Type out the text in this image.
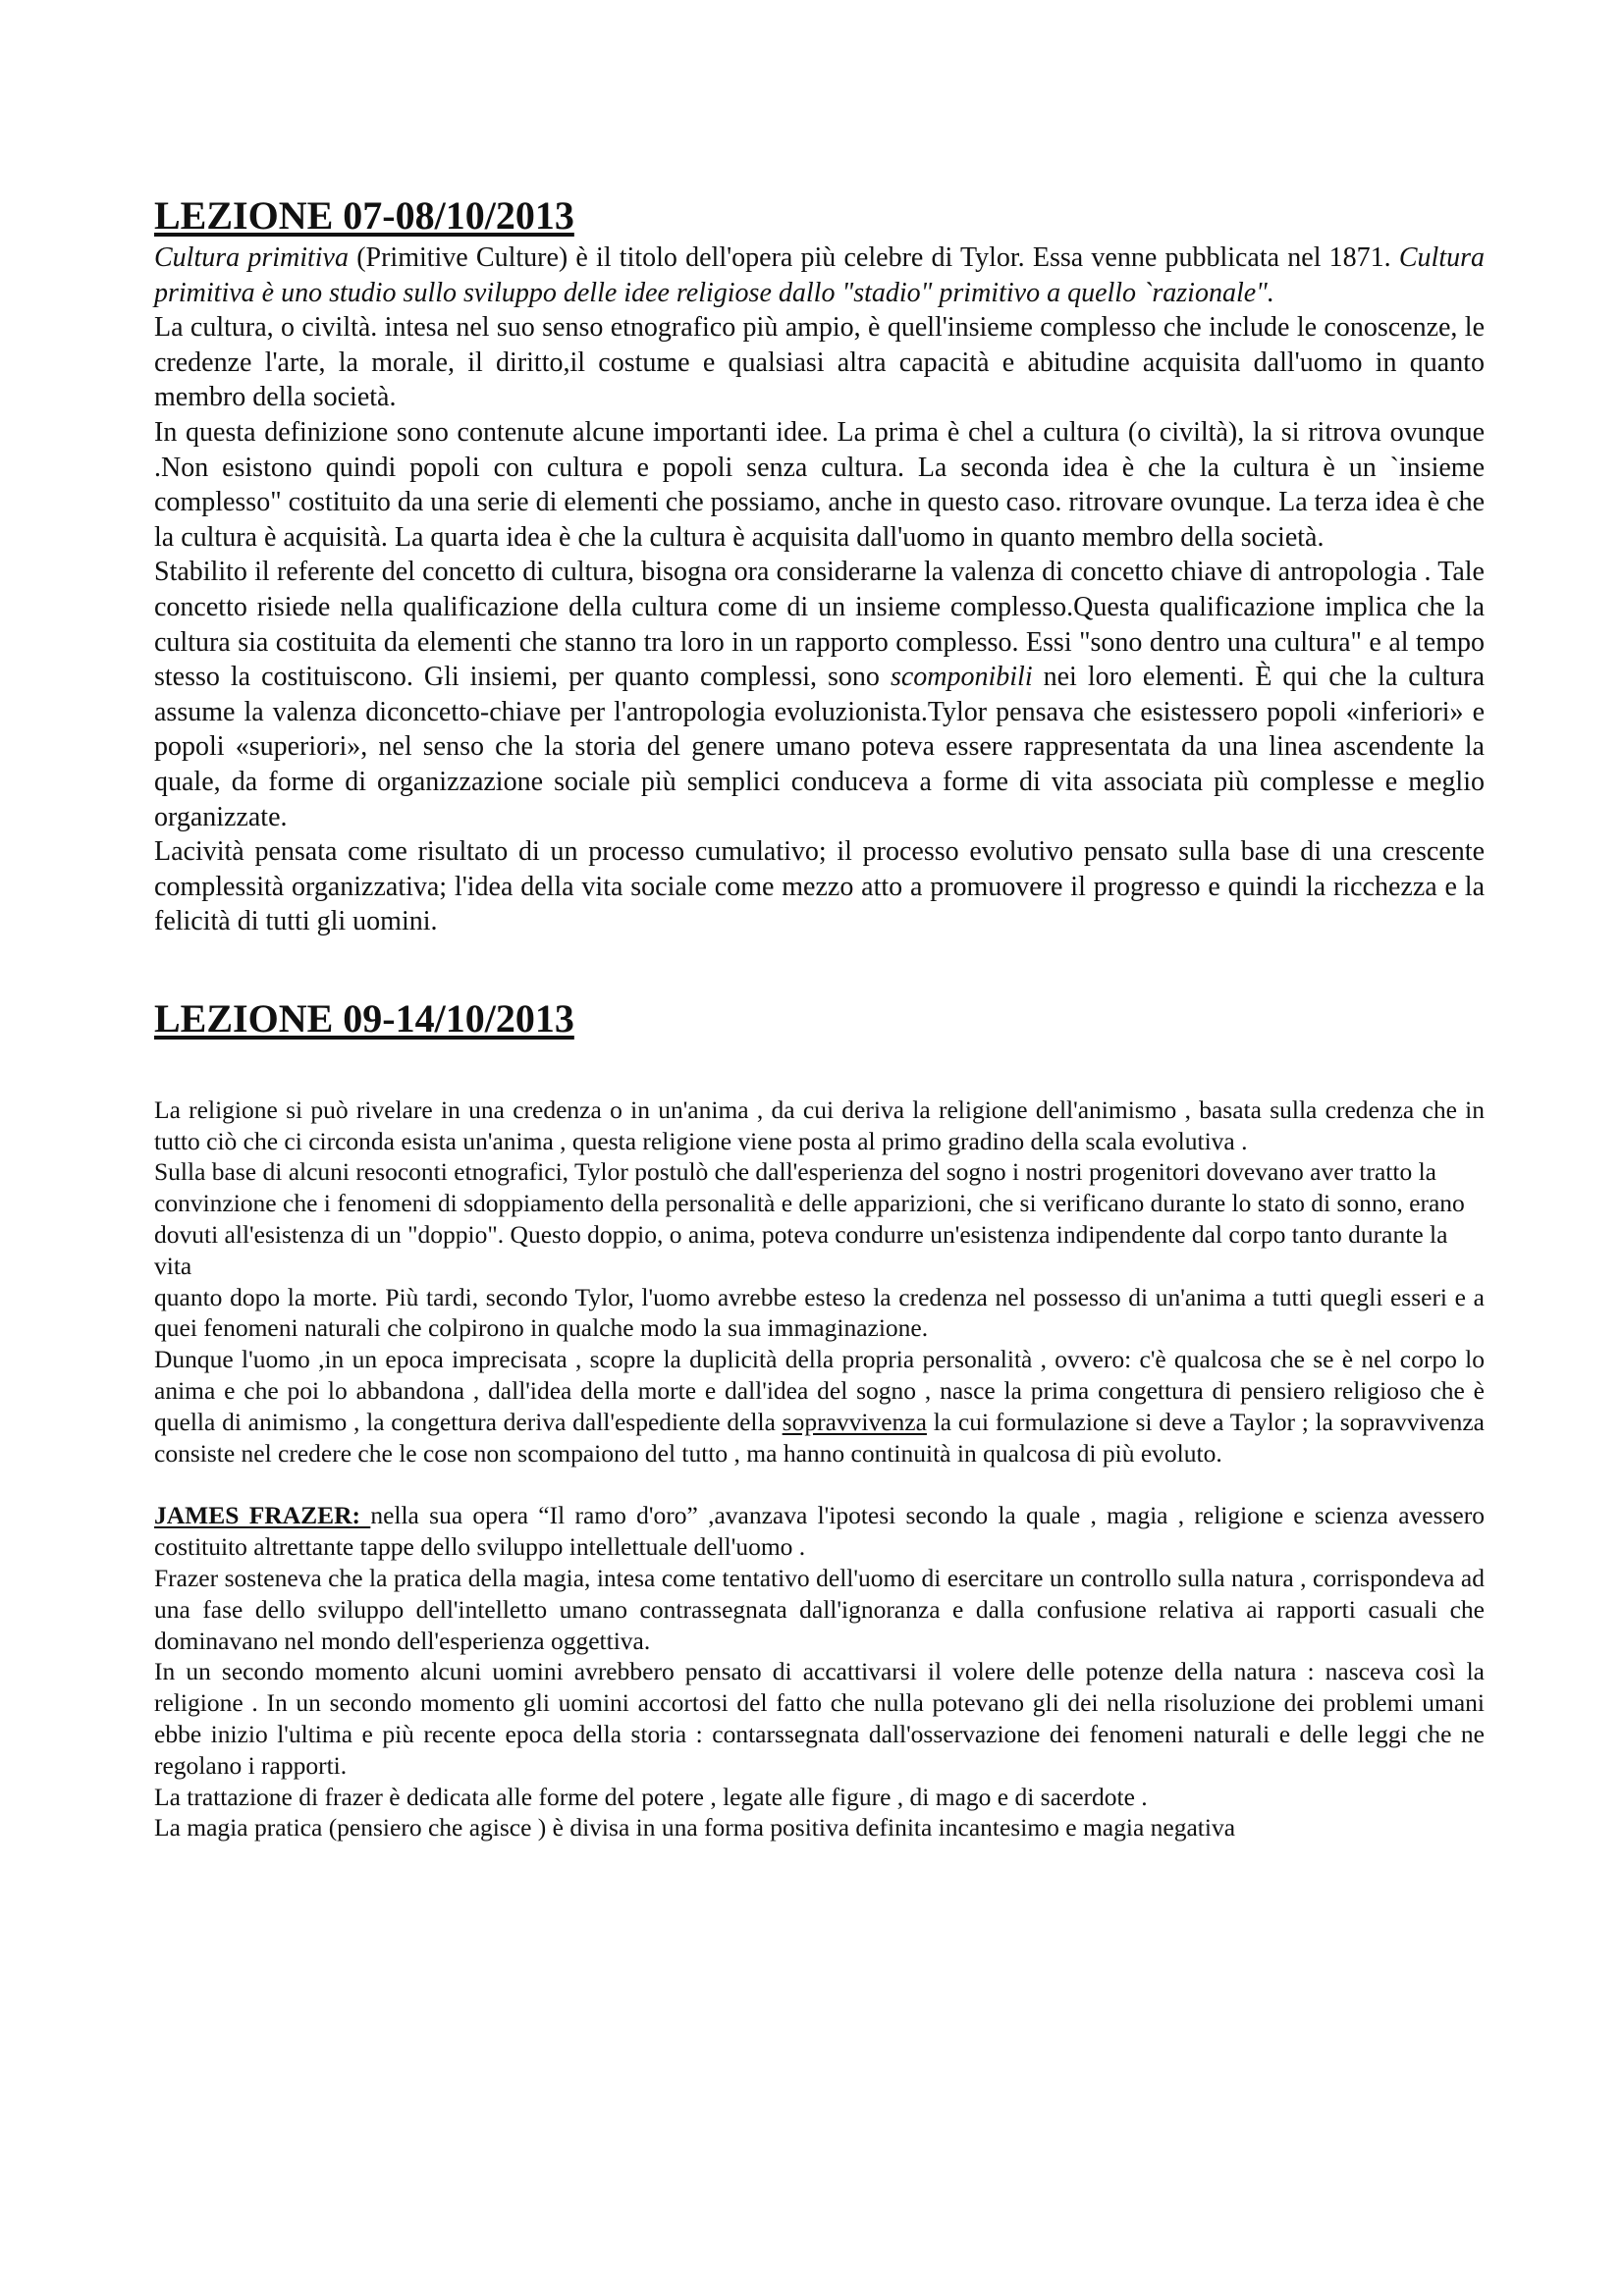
LEZIONE 07-08/10/2013

Cultura primitiva (Primitive Culture) è il titolo dell'opera più celebre di Tylor. Essa venne pubblicata nel 1871. Cultura primitiva è uno studio sullo sviluppo delle idee religiose dallo "stadio" primitivo a quello `razionale".

La cultura, o civiltà. intesa nel suo senso etnografico più ampio, è quell'insieme complesso che include le conoscenze, le credenze l'arte, la morale, il diritto,il costume e qualsiasi altra capacità e abitudine acquisita dall'uomo in quanto membro della società.

In questa definizione sono contenute alcune importanti idee. La prima è chel a cultura (o civiltà), la si ritrova ovunque .Non esistono quindi popoli con cultura e popoli senza cultura. La seconda idea è che la cultura è un `insieme complesso" costituito da una serie di elementi che possiamo, anche in questo caso. ritrovare ovunque. La terza idea è che la cultura è acquisità. La quarta idea è che la cultura è acquisita dall'uomo in quanto membro della società.

Stabilito il referente del concetto di cultura, bisogna ora considerarne la valenza di concetto chiave di antropologia . Tale concetto risiede nella qualificazione della cultura come di un insieme complesso.Questa qualificazione implica che la cultura sia costituita da elementi che stanno tra loro in un rapporto complesso. Essi "sono dentro una cultura" e al tempo stesso la costituiscono. Gli insiemi, per quanto complessi, sono scomponibili nei loro elementi. È qui che la cultura assume la valenza diconcetto-chiave per l'antropologia evoluzionista.Tylor pensava che esistessero popoli «inferiori» e popoli «superiori», nel senso che la storia del genere umano poteva essere rappresentata da una linea ascendente la quale, da forme di organizzazione sociale più semplici conduceva a forme di vita associata più complesse e meglio organizzate.

Lacività pensata come risultato di un processo cumulativo; il processo evolutivo pensato sulla base di una crescente complessità organizzativa; l'idea della vita sociale come mezzo atto a promuovere il progresso e quindi la ricchezza e la felicità di tutti gli uomini.

LEZIONE 09-14/10/2013

La religione si può rivelare in una credenza o in un'anima , da cui deriva la religione dell'animismo , basata sulla credenza che in tutto ciò che ci circonda esista un'anima , questa religione viene posta al primo gradino della scala evolutiva .

Sulla base di alcuni resoconti etnografici, Tylor postulò che dall'esperienza del sogno i nostri progenitori dovevano aver tratto la convinzione che i fenomeni di sdoppiamento della personalità e delle apparizioni, che si verificano durante lo stato di sonno, erano dovuti all'esistenza di un "doppio". Questo doppio, o anima, poteva condurre un'esistenza indipendente dal corpo tanto durante la vita

quanto dopo la morte. Più tardi, secondo Tylor, l'uomo avrebbe esteso la credenza nel possesso di un'anima a tutti quegli esseri e a quei fenomeni naturali che colpirono in qualche modo la sua immaginazione.

Dunque l'uomo ,in un epoca imprecisata , scopre la duplicità della propria personalità , ovvero: c'è qualcosa che se è nel corpo lo anima e che poi lo abbandona , dall'idea della morte e dall'idea del sogno , nasce la prima congettura di pensiero religioso che è quella di animismo , la congettura deriva dall'espediente della sopravvivenza la cui formulazione si deve a Taylor ; la sopravvivenza consiste nel credere che le cose non scompaiono del tutto , ma hanno continuità in qualcosa di più evoluto.

JAMES FRAZER: nella sua opera “Il ramo d'oro” ,avanzava l'ipotesi secondo la quale , magia , religione e scienza avessero costituito altrettante tappe dello sviluppo intellettuale dell'uomo .

Frazer sosteneva che la pratica della magia, intesa come tentativo dell'uomo di esercitare un controllo sulla natura , corrispondeva ad una fase dello sviluppo dell'intelletto umano contrassegnata dall'ignoranza e dalla confusione relativa ai rapporti casuali che dominavano nel mondo dell'esperienza oggettiva.

In un secondo momento alcuni uomini avrebbero pensato di accattivarsi il volere delle potenze della natura : nasceva così la religione . In un secondo momento gli uomini accortosi del fatto che nulla potevano gli dei nella risoluzione dei problemi umani ebbe inizio l'ultima e più recente epoca della storia : contarssegnata dall'osservazione dei fenomeni naturali e delle leggi che ne regolano i rapporti.

La trattazione di frazer è dedicata alle forme del potere , legate alle figure , di mago e di sacerdote .

La magia pratica (pensiero che agisce ) è divisa in una forma positiva definita incantesimo e magia negativa
